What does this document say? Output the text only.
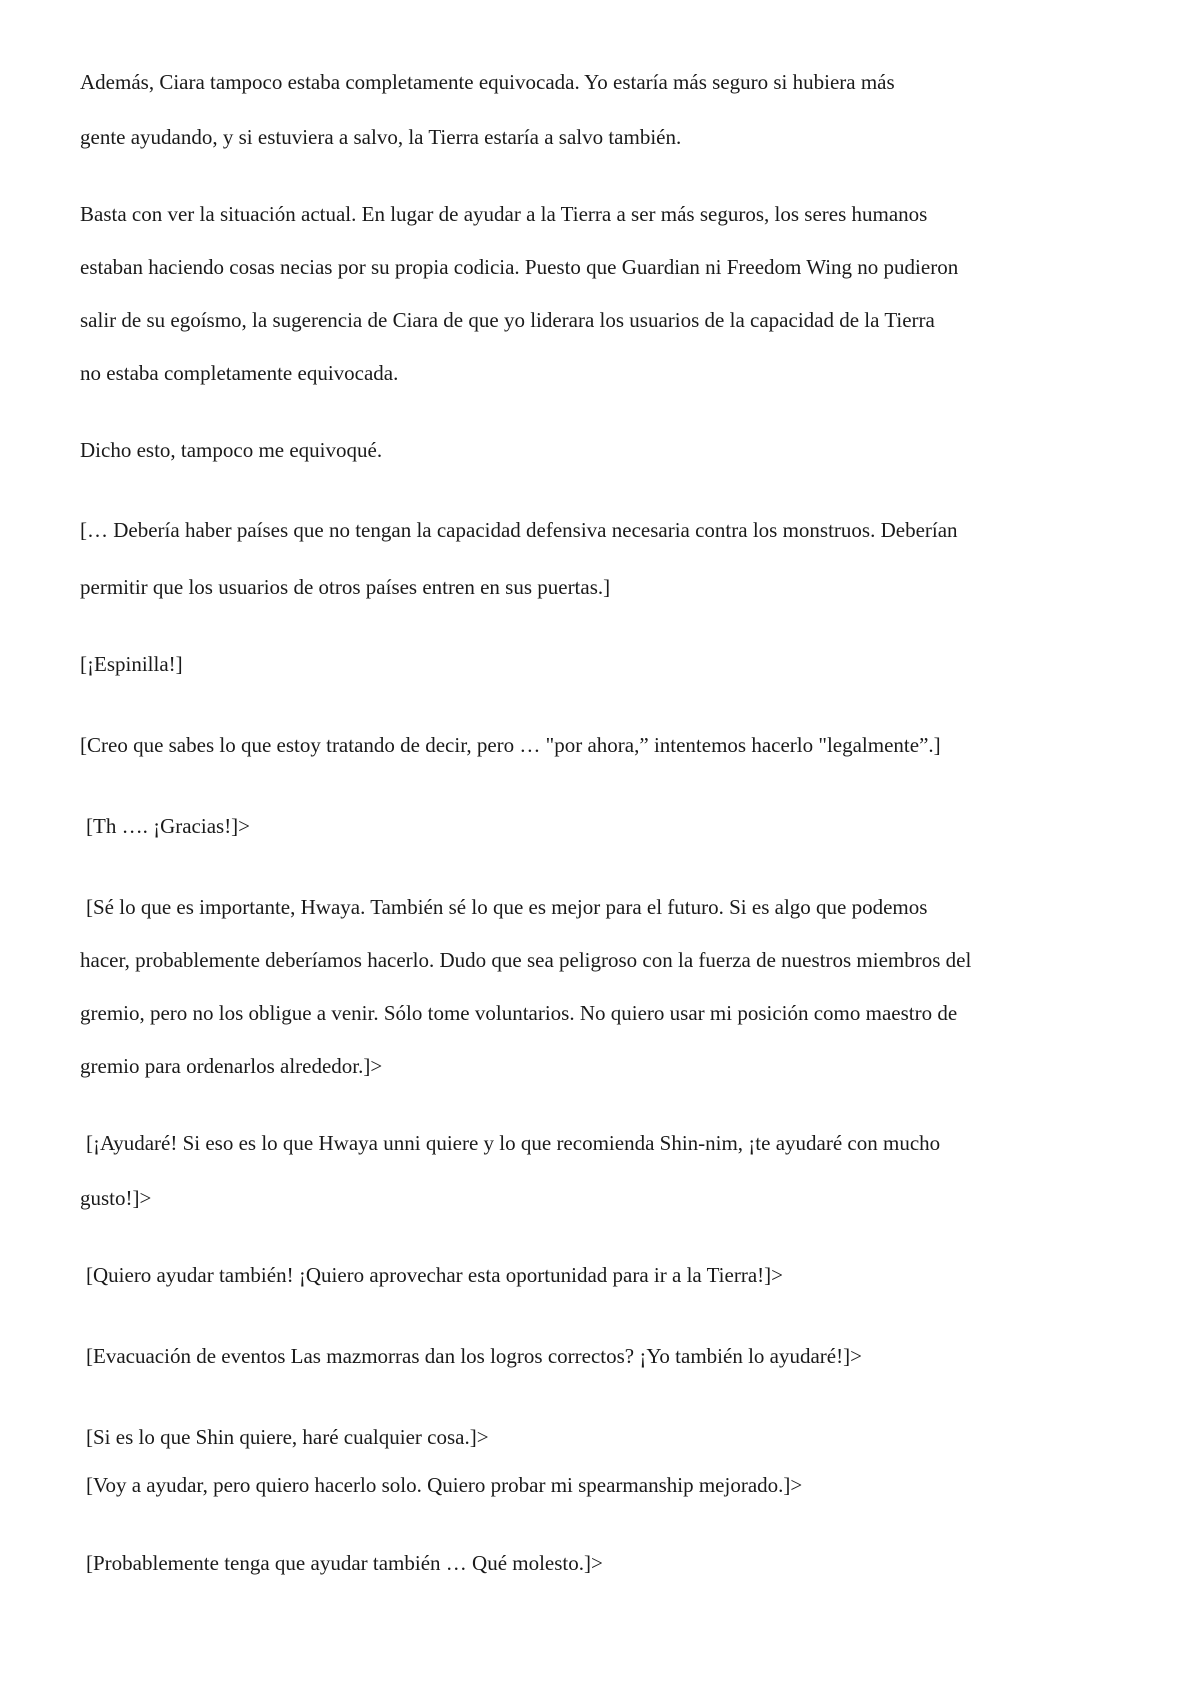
Además, Ciara tampoco estaba completamente equivocada. Yo estaría más seguro si hubiera más
gente ayudando, y si estuviera a salvo, la Tierra estaría a salvo también.
Basta con ver la situación actual. En lugar de ayudar a la Tierra a ser más seguros, los seres humanos
estaban haciendo cosas necias por su propia codicia. Puesto que Guardian ni Freedom Wing no pudieron
salir de su egoísmo, la sugerencia de Ciara de que yo liderara los usuarios de la capacidad de la Tierra
no estaba completamente equivocada.
Dicho esto, tampoco me equivoqué.
[… Debería haber países que no tengan la capacidad defensiva necesaria contra los monstruos. Deberían
permitir que los usuarios de otros países entren en sus puertas.]
[¡Espinilla!]
[Creo que sabes lo que estoy tratando de decir, pero … "por ahora,” intentemos hacerlo "legalmente”.]
[Th …. ¡Gracias!]>
[Sé lo que es importante, Hwaya. También sé lo que es mejor para el futuro. Si es algo que podemos
hacer, probablemente deberíamos hacerlo. Dudo que sea peligroso con la fuerza de nuestros miembros del
gremio, pero no los obligue a venir. Sólo tome voluntarios. No quiero usar mi posición como maestro de
gremio para ordenarlos alrededor.]>
[¡Ayudaré! Si eso es lo que Hwaya unni quiere y lo que recomienda Shin-nim, ¡te ayudaré con mucho
gusto!]>
[Quiero ayudar también! ¡Quiero aprovechar esta oportunidad para ir a la Tierra!]>
[Evacuación de eventos Las mazmorras dan los logros correctos? ¡Yo también lo ayudaré!]>
[Si es lo que Shin quiere, haré cualquier cosa.]>
[Voy a ayudar, pero quiero hacerlo solo. Quiero probar mi spearmanship mejorado.]>
[Probablemente tenga que ayudar también … Qué molesto.]>
